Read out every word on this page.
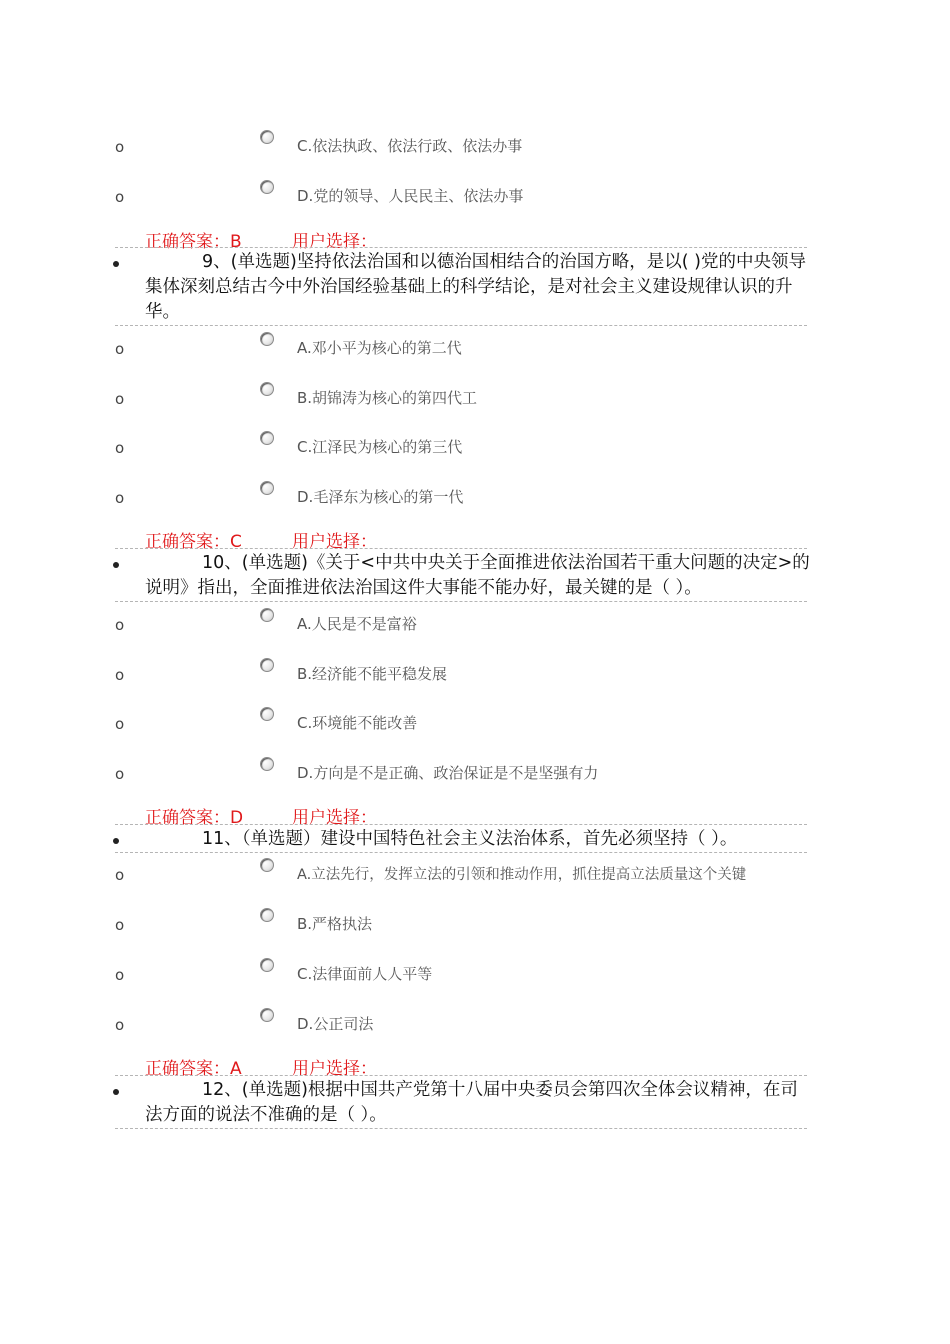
o	C.依法执政、依法行政、依法办事
o	D.党的领导、人民民主、依法办事
正确答案：B	用户选择：
9、(单选题)坚持依法治国和以德治国相结合的治国方略，是以( )党的中央领导集体深刻总结古今中外治国经验基础上的科学结论，是对社会主义建设规律认识的升华。
o	A.邓小平为核心的第二代
o	B.胡锦涛为核心的第四代工
o	C.江泽民为核心的第三代
o	D.毛泽东为核心的第一代
正确答案：C	用户选择：
10、(单选题)《关于<中共中央关于全面推进依法治国若干重大问题的决定>的说明》指出，全面推进依法治国这件大事能不能办好，最关键的是（ ）。
o	A.人民是不是富裕
o	B.经济能不能平稳发展
o	C.环境能不能改善
o	D.方向是不是正确、政治保证是不是坚强有力
正确答案：D	用户选择：
11、（单选题）建设中国特色社会主义法治体系，首先必须坚持（ ）。
o	A.立法先行，发挥立法的引领和推动作用，抓住提高立法质量这个关键
o	B.严格执法
o	C.法律面前人人平等
o	D.公正司法
正确答案：A	用户选择：
12、(单选题)根据中国共产党第十八届中央委员会第四次全体会议精神，在司法方面的说法不准确的是（ ）。
